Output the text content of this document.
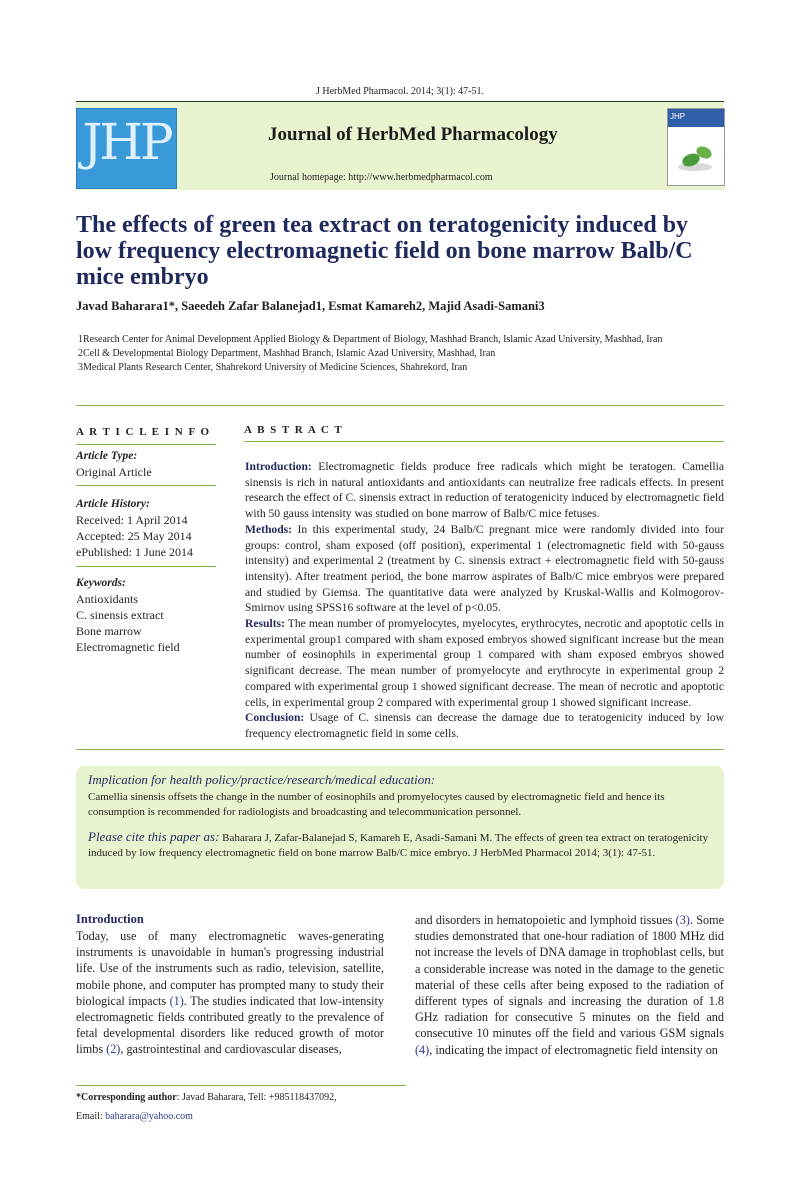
J HerbMed Pharmacol. 2014; 3(1): 47-51.
JHP	Journal of HerbMed Pharmacology
Journal homepage: http://www.herbmedpharmacol.com
JHP
The effects of green tea extract on teratogenicity induced by
low frequency electromagnetic field on bone marrow Balb/C
mice embryo
Javad Baharara1*, Saeedeh Zafar Balanejad1, Esmat Kamareh2, Majid Asadi-Samani3
1Research Center for Animal Development Applied Biology & Department of Biology, Mashhad Branch, Islamic Azad University, Mashhad, Iran
2Cell & Developmental Biology Department, Mashhad Branch, Islamic Azad University, Mashhad, Iran
3Medical Plants Research Center, Shahrekord University of Medicine Sciences, Shahrekord, Iran
A R T I C L E I N F O	A B S T R A C T
Article Type:
Original Article
Article History:
Received: 1 April 2014
Accepted: 25 May 2014
ePublished: 1 June 2014
Keywords:
Antioxidants
C. sinensis extract
Bone marrow
Electromagnetic field
Introduction: Electromagnetic fields produce free radicals which might be teratogen. Camellia sinensis is rich in natural antioxidants and antioxidants can neutralize free radicals effects. In present research the effect of C. sinensis extract in reduction of teratogenicity induced by electromagnetic field with 50 gauss intensity was studied on bone marrow of Balb/C mice fetuses.
Methods: In this experimental study, 24 Balb/C pregnant mice were randomly divided into four groups: control, sham exposed (off position), experimental 1 (electromagnetic field with 50-gauss intensity) and experimental 2 (treatment by C. sinensis extract + electromagnetic field with 50-gauss intensity). After treatment period, the bone marrow aspirates of Balb/C mice embryos were prepared and studied by Giemsa. The quantitative data were analyzed by Kruskal-Wallis and Kolmogorov-Smirnov using SPSS16 software at the level of p<0.05.
Results: The mean number of promyelocytes, myelocytes, erythrocytes, necrotic and apoptotic cells in experimental group1 compared with sham exposed embryos showed significant increase but the mean number of eosinophils in experimental group 1 compared with sham exposed embryos showed significant decrease. The mean number of promyelocyte and erythrocyte in experimental group 2 compared with experimental group 1 showed significant decrease. The mean of necrotic and apoptotic cells, in experimental group 2 compared with experimental group 1 showed significant increase.
Conclusion: Usage of C. sinensis can decrease the damage due to teratogenicity induced by low frequency electromagnetic field in some cells.
Implication for health policy/practice/research/medical education:
Camellia sinensis offsets the change in the number of eosinophils and promyelocytes caused by electromagnetic field and hence its consumption is recommended for radiologists and broadcasting and telecommunication personnel.
Please cite this paper as: Baharara J, Zafar-Balanejad S, Kamareh E, Asadi-Samani M. The effects of green tea extract on teratogenicity induced by low frequency electromagnetic field on bone marrow Balb/C mice embryo. J HerbMed Pharmacol 2014; 3(1): 47-51.
Introduction
Today, use of many electromagnetic waves-generating instruments is unavoidable in human's progressing industrial life. Use of the instruments such as radio, television, satellite, mobile phone, and computer has prompted many to study their biological impacts (1). The studies indicated that low-intensity electromagnetic fields contributed greatly to the prevalence of fetal developmental disorders like reduced growth of motor limbs (2), gastrointestinal and cardiovascular diseases,
and disorders in hematopoietic and lymphoid tissues (3). Some studies demonstrated that one-hour radiation of 1800 MHz did not increase the levels of DNA damage in trophoblast cells, but a considerable increase was noted in the damage to the genetic material of these cells after being exposed to the radiation of different types of signals and increasing the duration of 1.8 GHz radiation for consecutive 5 minutes on the field and consecutive 10 minutes off the field and various GSM signals (4), indicating the impact of electromagnetic field intensity on
*Corresponding author: Javad Baharara, Tell: +985118437092,
Email: baharara@yahoo.com
